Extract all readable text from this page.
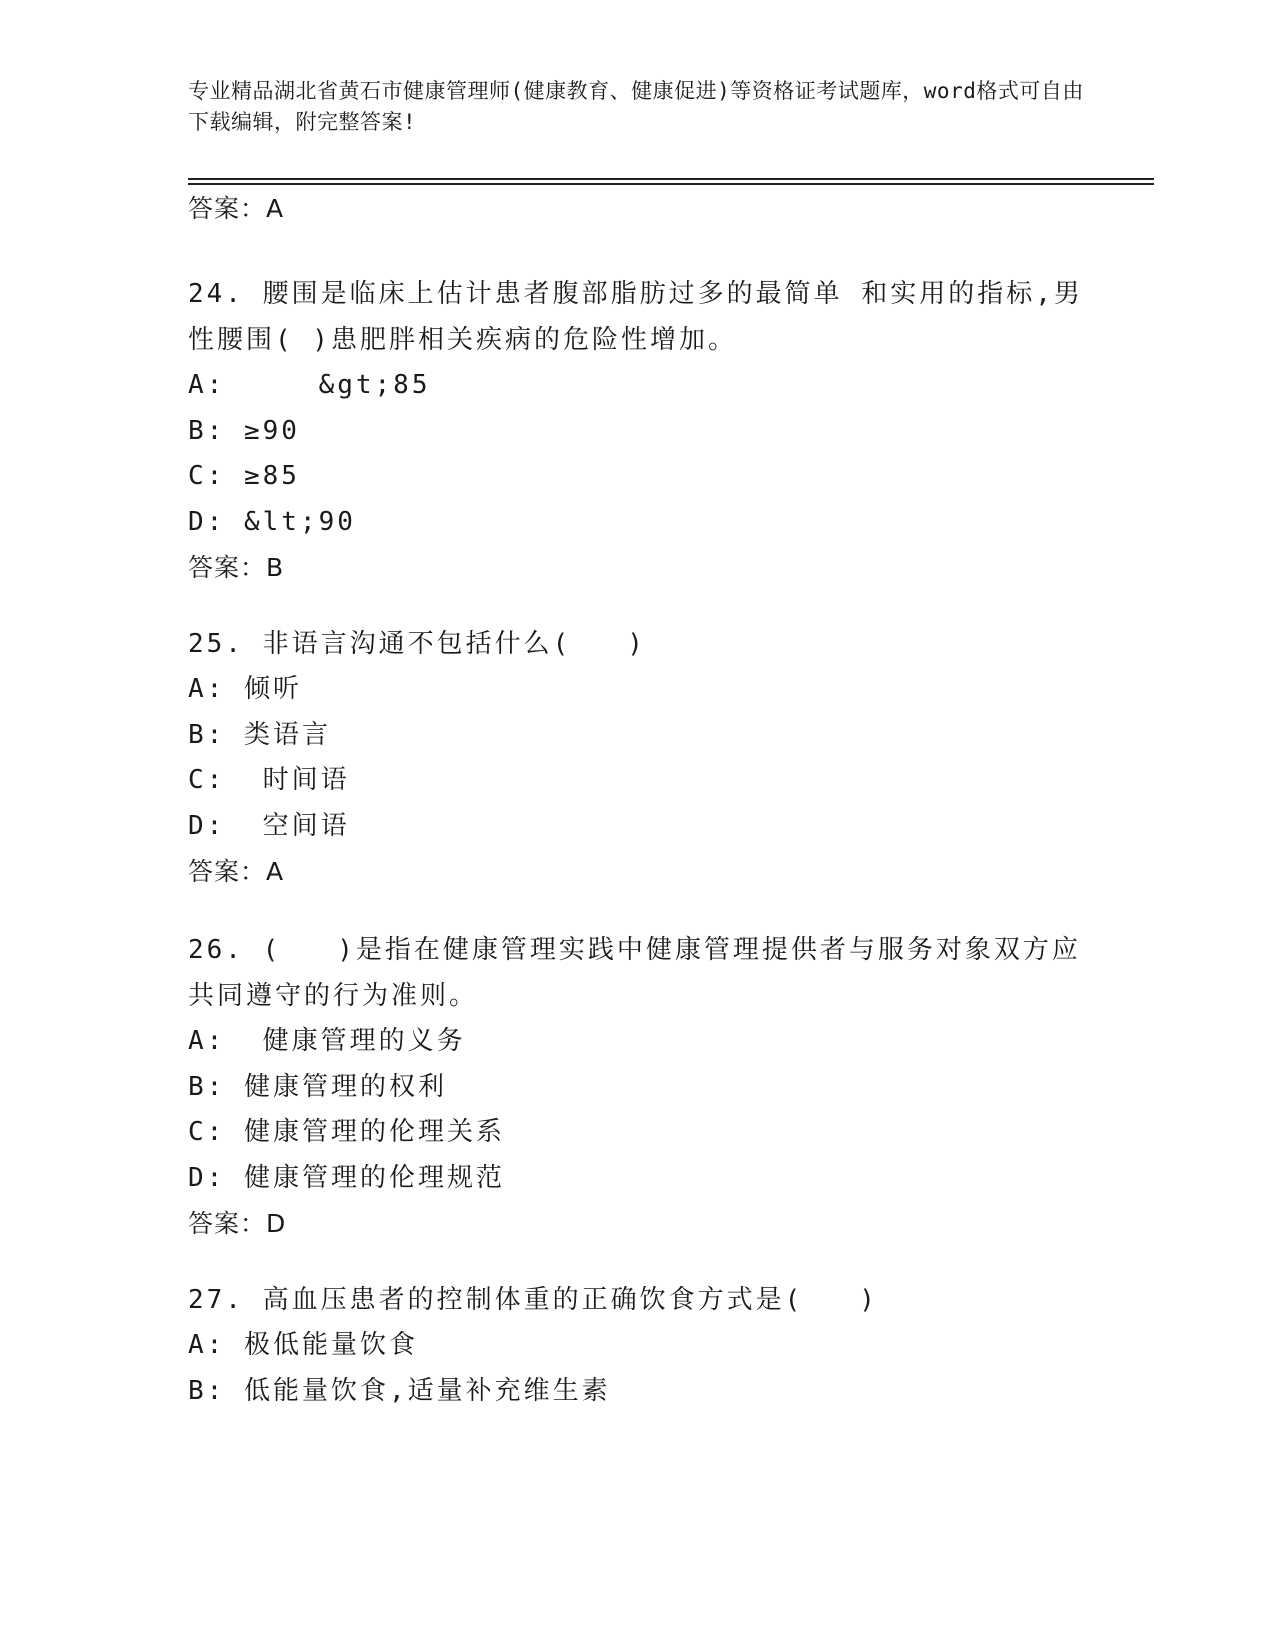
专业精品湖北省黄石市健康管理师(健康教育、健康促进)等资格证考试题库，word格式可自由下载编辑，附完整答案!
答案：A
24. 腰围是临床上估计患者腹部脂肪过多的最简单 和实用的指标,男性腰围( )患肥胖相关疾病的危险性增加。
A:     &gt;85
B: ≥90
C: ≥85
D: &lt;90
答案：B
25. 非语言沟通不包括什么(   )
A: 倾听
B: 类语言
C:  时间语
D:  空间语
答案：A
26. (   )是指在健康管理实践中健康管理提供者与服务对象双方应共同遵守的行为准则。
A:  健康管理的义务
B: 健康管理的权利
C: 健康管理的伦理关系
D: 健康管理的伦理规范
答案：D
27. 高血压患者的控制体重的正确饮食方式是(   )
A: 极低能量饮食
B: 低能量饮食,适量补充维生素
